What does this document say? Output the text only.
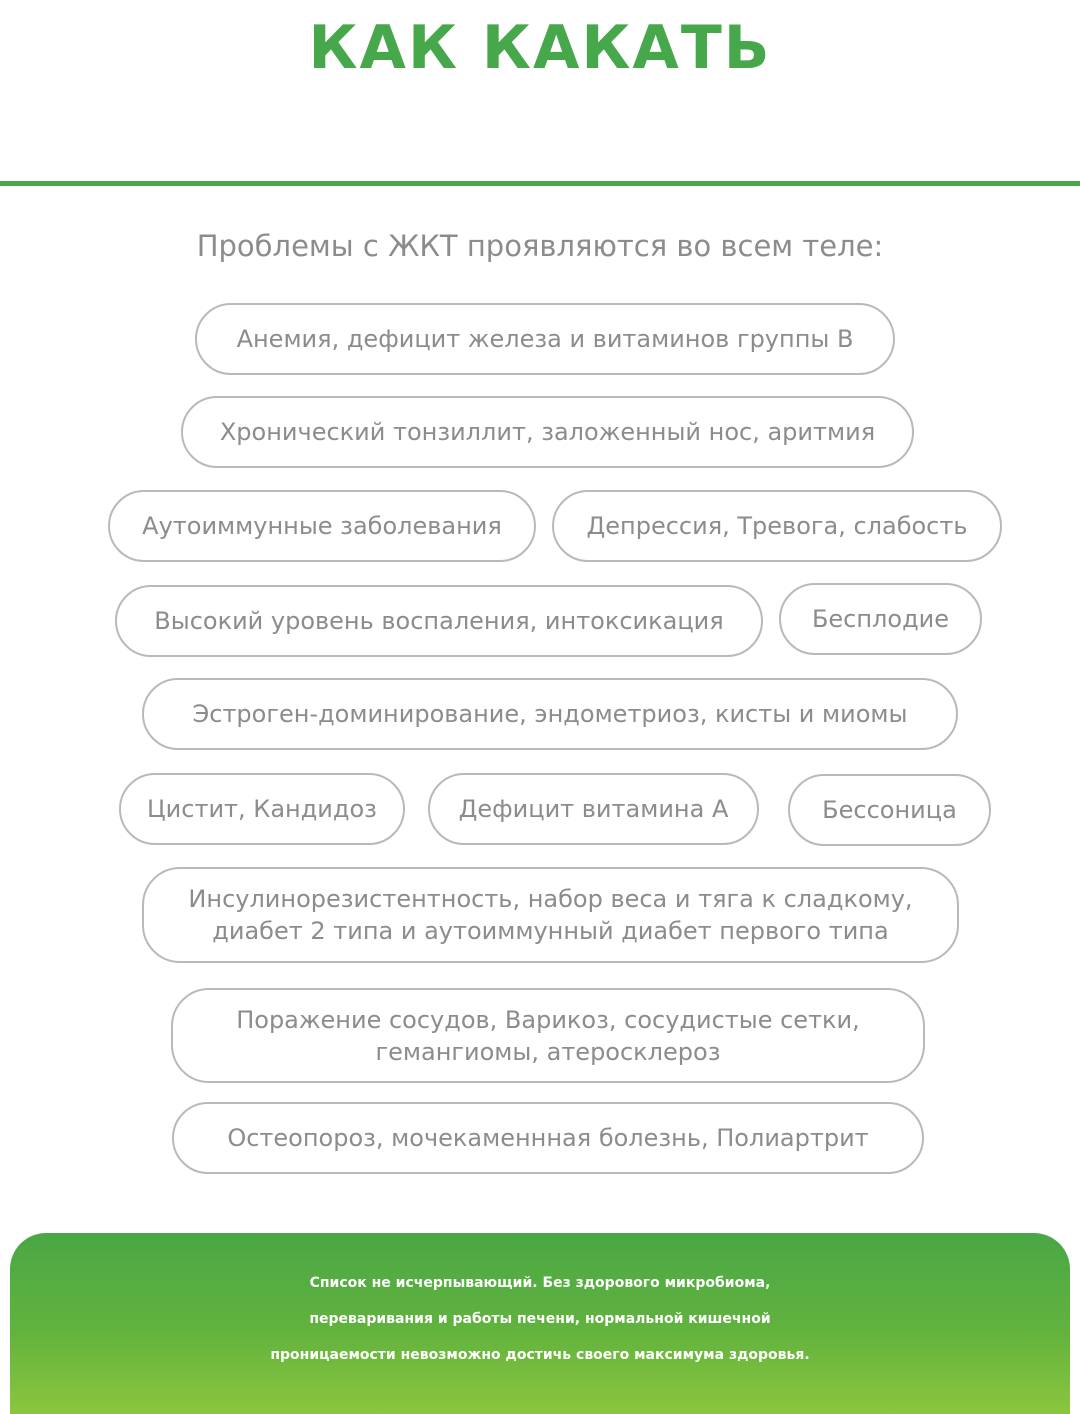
КАК КАКАТЬ
Проблемы с ЖКТ проявляются во всем теле:
Анемия, дефицит железа и витаминов группы В
Хронический тонзиллит, заложенный нос, аритмия
Аутоиммунные заболевания	Депрессия, Тревога, слабость
Высокий уровень воспаления, интоксикация	Бесплодие
Эстроген-доминирование, эндометриоз, кисты и миомы
Цистит, Кандидоз	Дефицит витамина А	Бессоница
Инсулинорезистентность, набор веса и тяга к сладкому,
диабет 2 типа и аутоиммунный диабет первого типа
Поражение сосудов, Варикоз, сосудистые сетки,
гемангиомы, атеросклероз
Остеопороз, мочекаменнная болезнь, Полиартрит
Список не исчерпывающий. Без здорового микробиома,
переваривания и работы печени, нормальной кишечной
проницаемости невозможно достичь своего максимума здоровья.
